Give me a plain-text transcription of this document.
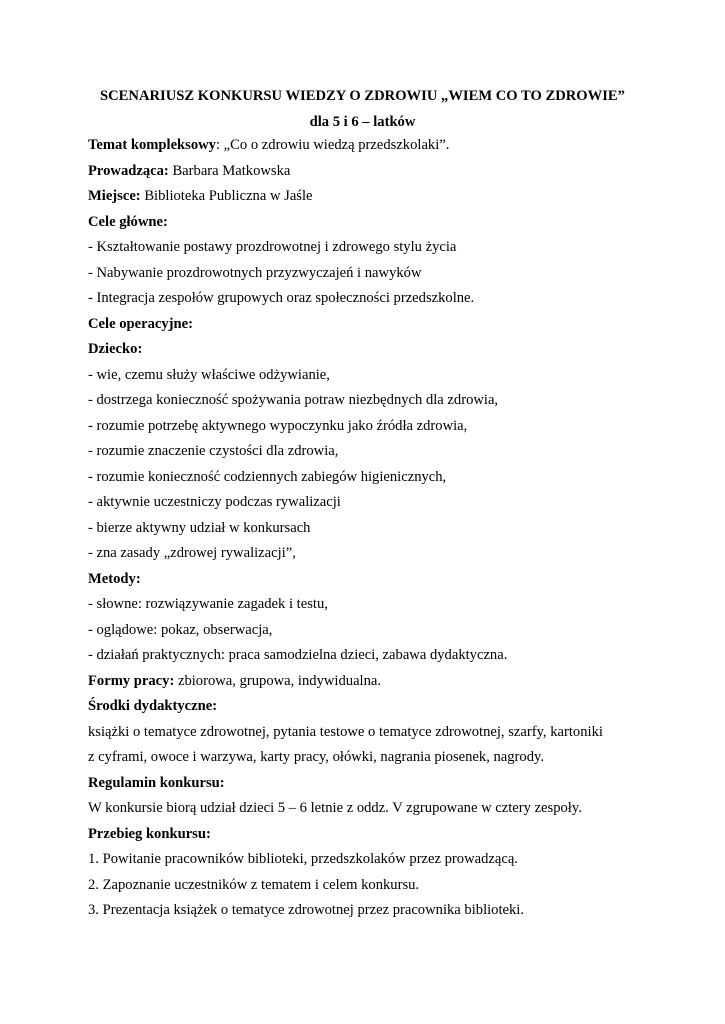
SCENARIUSZ KONKURSU WIEDZY O ZDROWIU „WIEM CO TO ZDROWIE”
dla 5 i 6 – latków
Temat kompleksowy: „Co o zdrowiu wiedzą przedszkolaki”.
Prowadząca: Barbara Matkowska
Miejsce: Biblioteka Publiczna w Jaśle
Cele główne:
- Kształtowanie postawy prozdrowotnej i zdrowego stylu życia
- Nabywanie prozdrowotnych przyzwyczajeń i nawyków
- Integracja zespołów grupowych oraz społeczności przedszkolne.
Cele operacyjne:
Dziecko:
- wie, czemu służy właściwe odżywianie,
- dostrzega konieczność spożywania potraw niezbędnych dla zdrowia,
- rozumie potrzebę aktywnego wypoczynku jako źródła zdrowia,
- rozumie znaczenie czystości dla zdrowia,
- rozumie konieczność codziennych zabiegów higienicznych,
- aktywnie uczestniczy podczas rywalizacji
- bierze aktywny udział w konkursach
- zna zasady „zdrowej rywalizacji”,
Metody:
- słowne: rozwiązywanie zagadek i testu,
- oglądowe: pokaz, obserwacja,
- działań praktycznych: praca samodzielna dzieci, zabawa dydaktyczna.
Formy pracy: zbiorowa, grupowa, indywidualna.
Środki dydaktyczne:
książki o tematyce zdrowotnej, pytania testowe o tematyce zdrowotnej, szarfy, kartoniki
z cyframi, owoce i warzywa, karty pracy, ołówki, nagrania piosenek, nagrody.
Regulamin konkursu:
W konkursie biorą udział dzieci 5 – 6 letnie z oddz. V zgrupowane w cztery zespoły.
Przebieg konkursu:
1. Powitanie pracowników biblioteki, przedszkolaków przez prowadzącą.
2. Zapoznanie uczestników z tematem i celem konkursu.
3. Prezentacja książek o tematyce zdrowotnej przez pracownika biblioteki.
